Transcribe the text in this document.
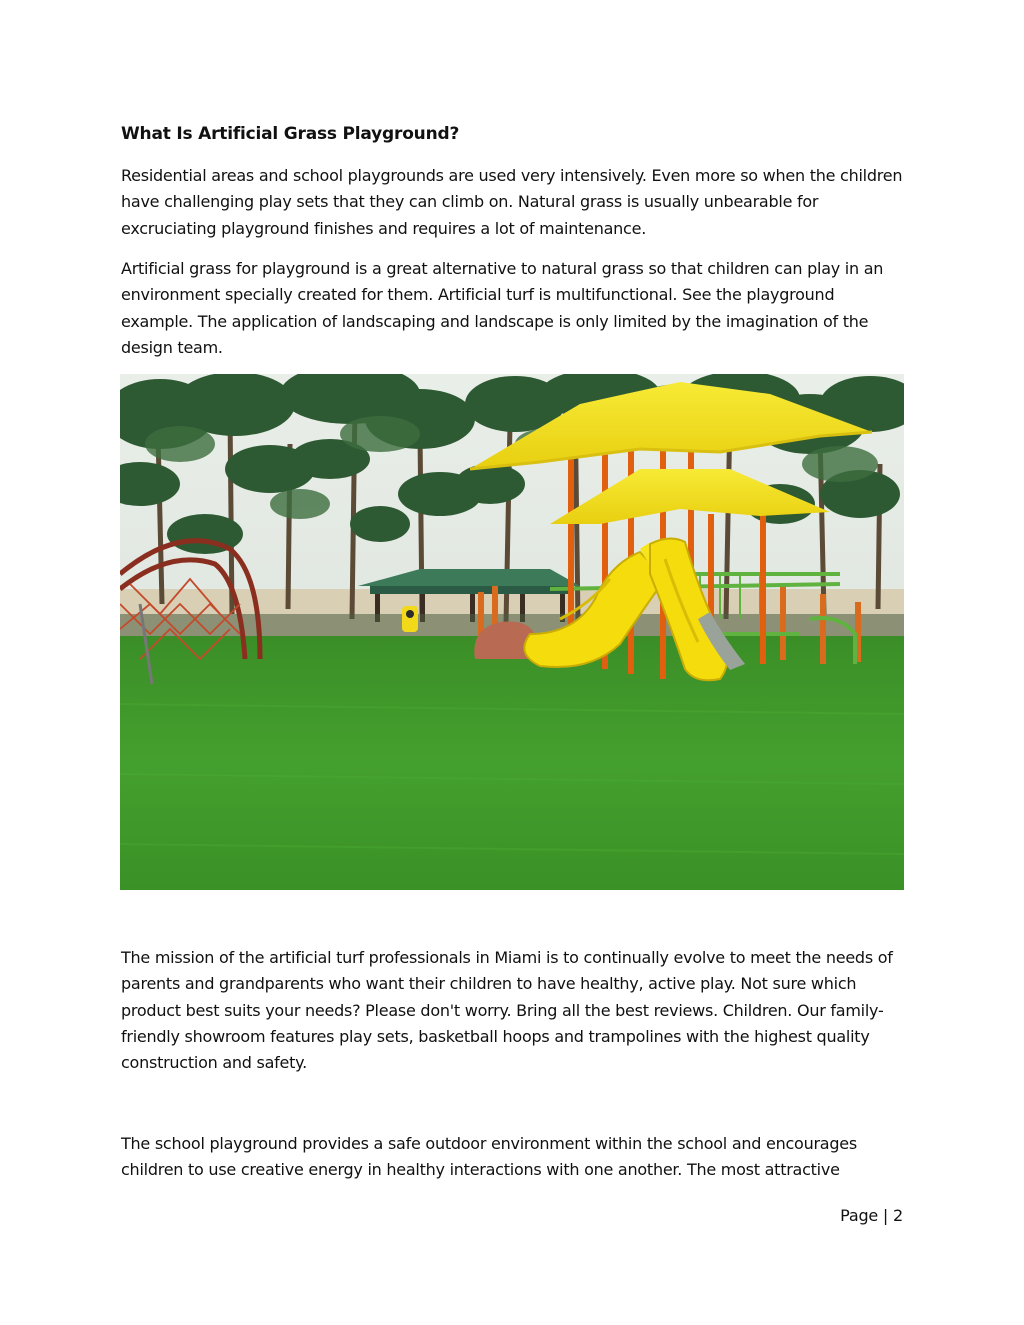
What Is Artificial Grass Playground?

Residential areas and school playgrounds are used very intensively. Even more so when the children have challenging play sets that they can climb on. Natural grass is usually unbearable for excruciating playground finishes and requires a lot of maintenance.

Artificial grass for playground is a great alternative to natural grass so that children can play in an environment specially created for them. Artificial turf is multifunctional. See the playground example. The application of landscaping and landscape is only limited by the imagination of the design team.

The mission of the artificial turf professionals in Miami is to continually evolve to meet the needs of parents and grandparents who want their children to have healthy, active play. Not sure which product best suits your needs? Please don't worry. Bring all the best reviews. Children. Our family-friendly showroom features play sets, basketball hoops and trampolines with the highest quality construction and safety.

The school playground provides a safe outdoor environment within the school and encourages children to use creative energy in healthy interactions with one another. The most attractive

Page | 2
